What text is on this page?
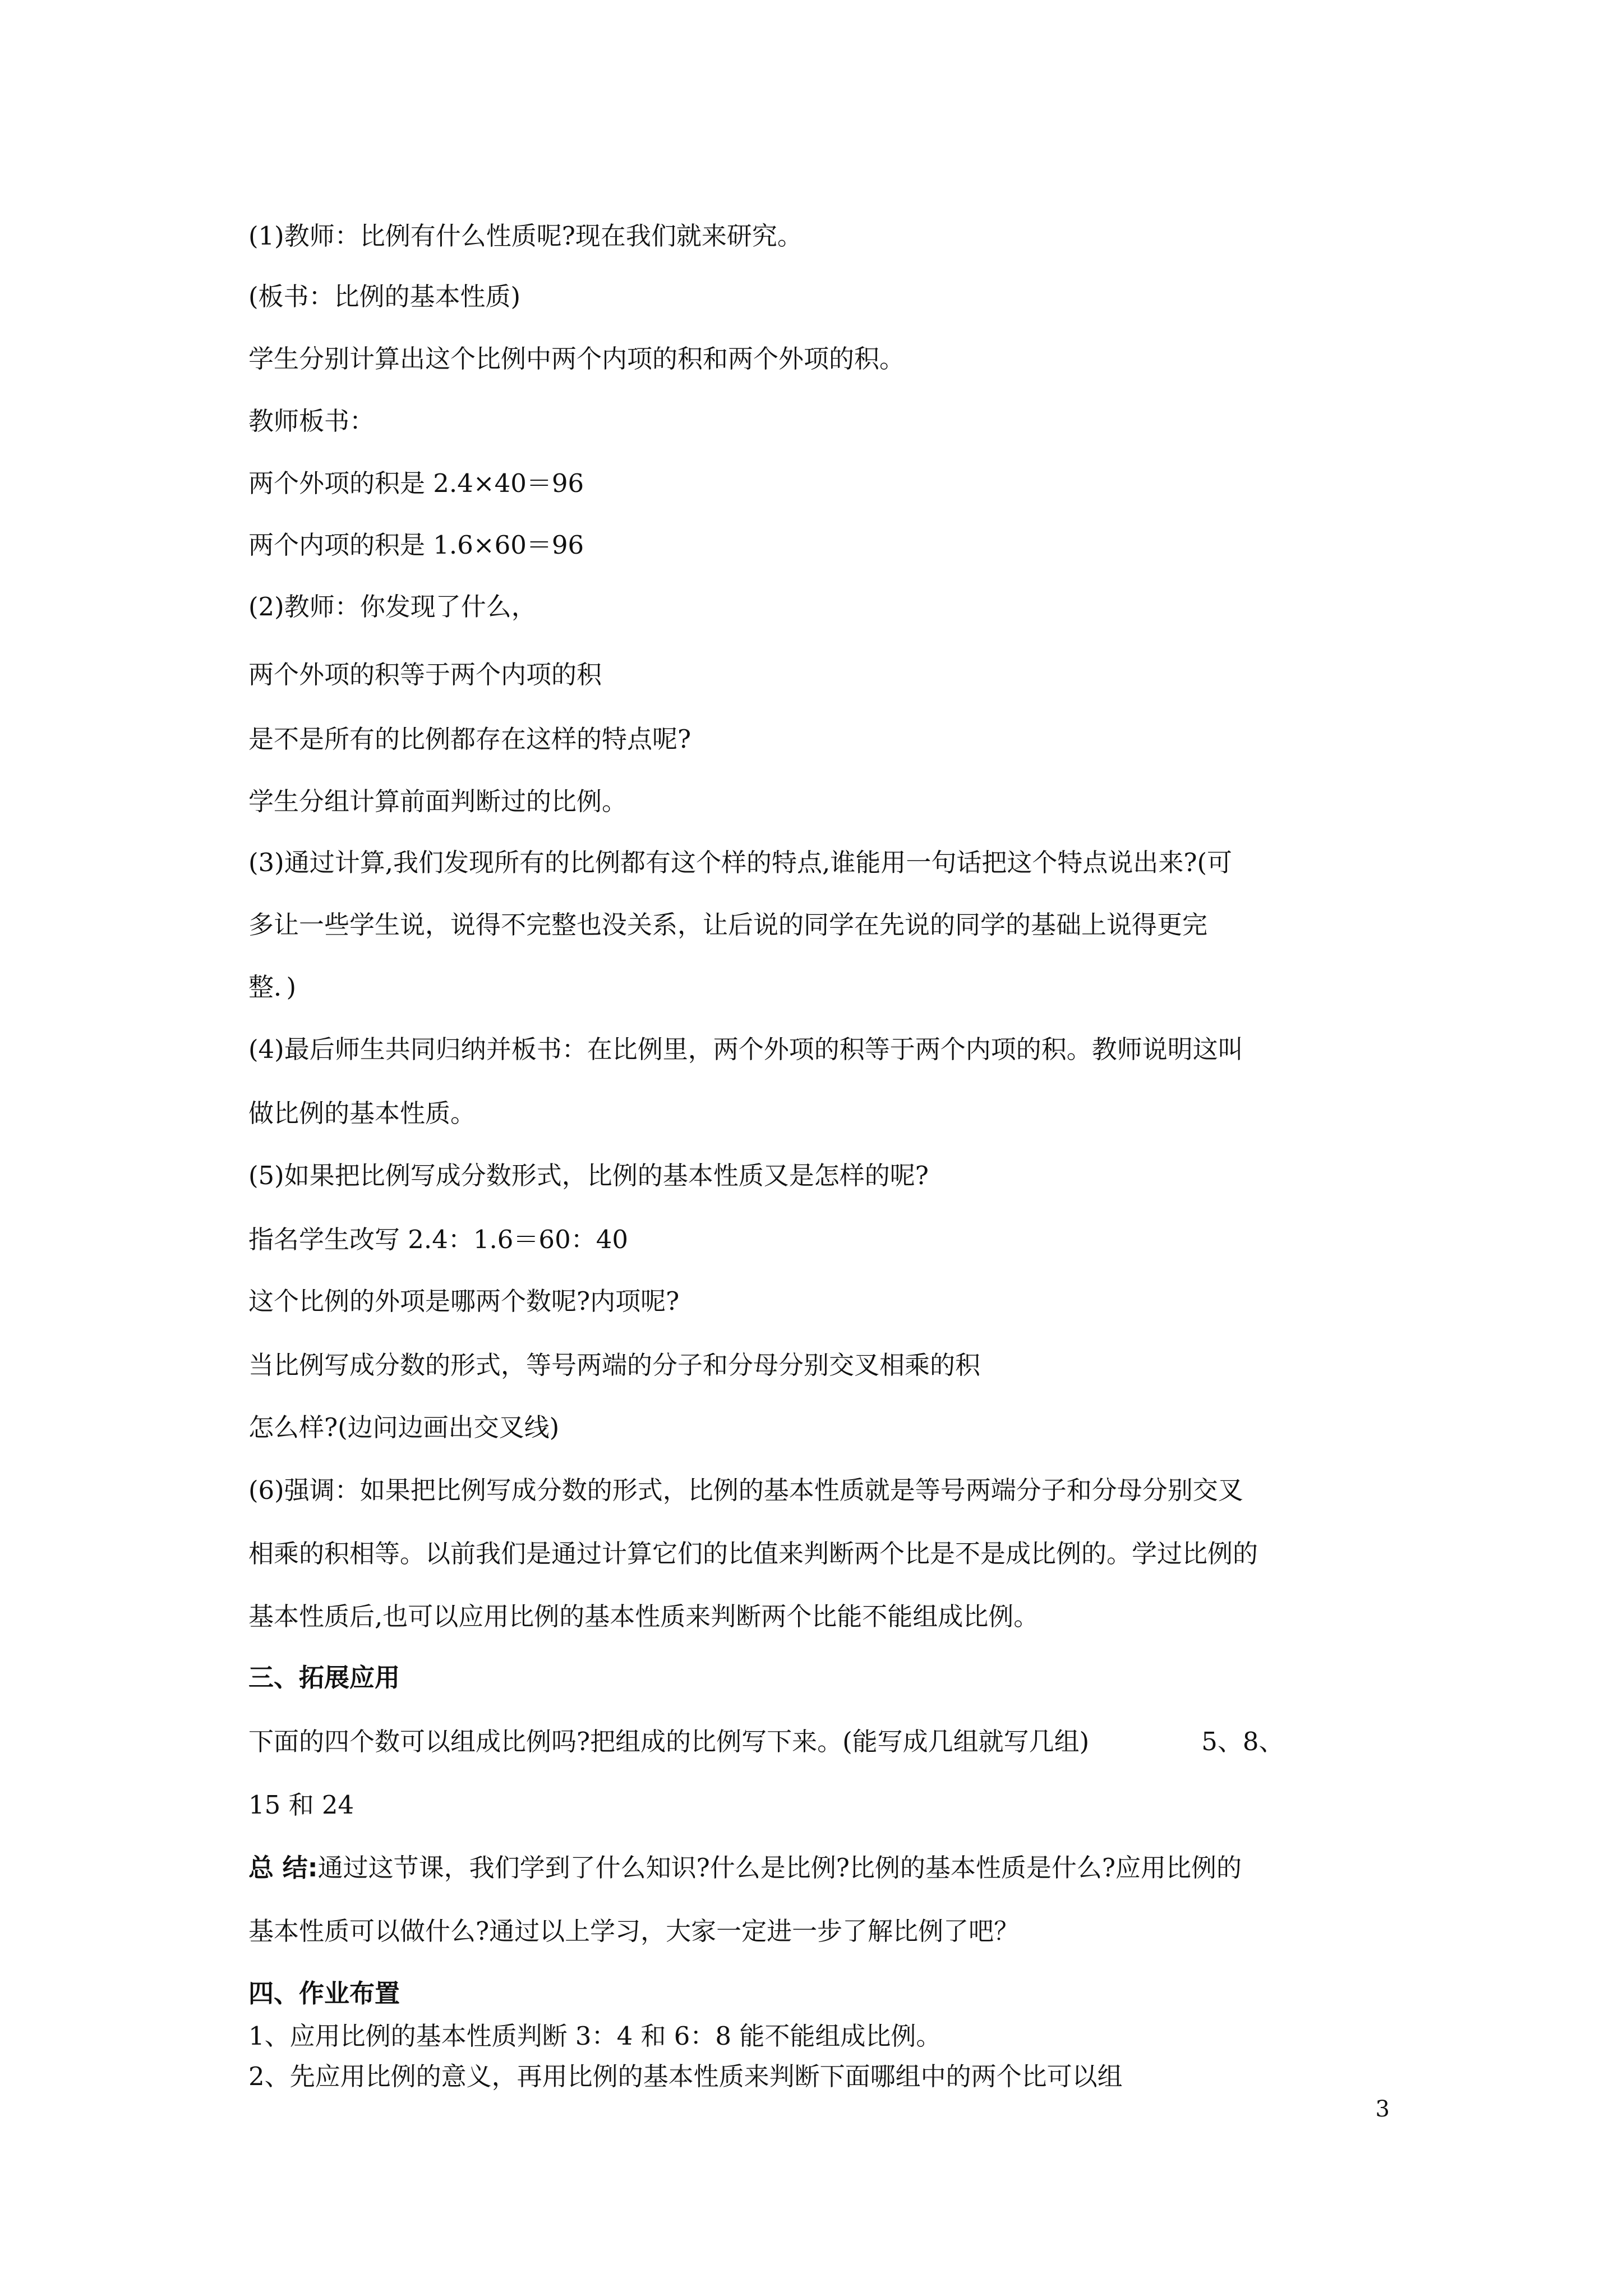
(1)教师：比例有什么性质呢?现在我们就来研究。
(板书：比例的基本性质)
学生分别计算出这个比例中两个内项的积和两个外项的积。
教师板书：
两个外项的积是 2.4×40＝96
两个内项的积是 1.6×60＝96
(2)教师：你发现了什么，
两个外项的积等于两个内项的积
是不是所有的比例都存在这样的特点呢?
学生分组计算前面判断过的比例。
(3)通过计算,我们发现所有的比例都有这个样的特点,谁能用一句话把这个特点说出来?(可
多让一些学生说，说得不完整也没关系，让后说的同学在先说的同学的基础上说得更完
整．)
(4)最后师生共同归纳并板书：在比例里，两个外项的积等于两个内项的积。教师说明这叫
做比例的基本性质。
(5)如果把比例写成分数形式，比例的基本性质又是怎样的呢?
指名学生改写 2.4：1.6＝60：40
这个比例的外项是哪两个数呢?内项呢?
当比例写成分数的形式，等号两端的分子和分母分别交叉相乘的积
怎么样?(边问边画出交叉线)
(6)强调：如果把比例写成分数的形式，比例的基本性质就是等号两端分子和分母分别交叉
相乘的积相等。以前我们是通过计算它们的比值来判断两个比是不是成比例的。学过比例的
基本性质后,也可以应用比例的基本性质来判断两个比能不能组成比例。
三、拓展应用
下面的四个数可以组成比例吗?把组成的比例写下来。(能写成几组就写几组)	5、8、
15 和 24
总 结:通过这节课，我们学到了什么知识?什么是比例?比例的基本性质是什么?应用比例的
基本性质可以做什么?通过以上学习，大家一定进一步了解比例了吧？
四、作业布置
1、应用比例的基本性质判断 3：4 和 6：8 能不能组成比例。
2、先应用比例的意义，再用比例的基本性质来判断下面哪组中的两个比可以组
3
